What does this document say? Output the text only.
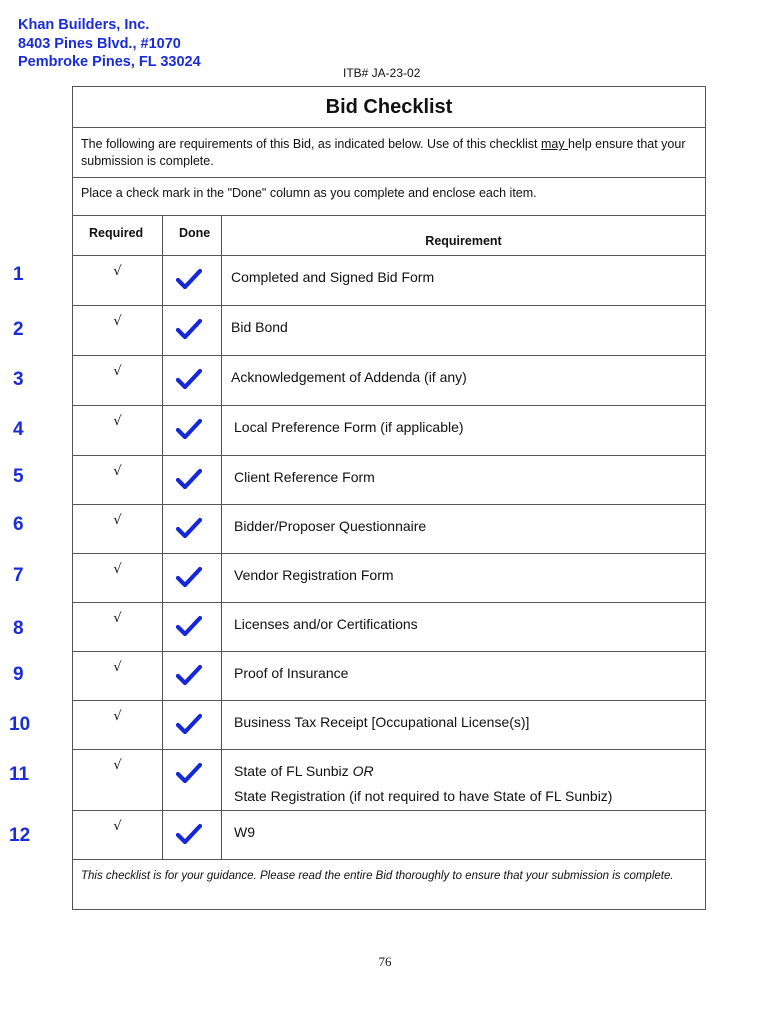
Khan Builders, Inc.
8403 Pines Blvd., #1070
Pembroke Pines, FL 33024
ITB# JA-23-02
Bid Checklist
The following are requirements of this Bid, as indicated below. Use of this checklist may help ensure that your submission is complete.
Place a check mark in the "Done" column as you complete and enclose each item.
Required	Done
Requirement
1	√	Completed and Signed Bid Form
2	√	Bid Bond
3	√	Acknowledgement of Addenda (if any)
4	√	Local Preference Form (if applicable)
5	√	Client Reference Form
6	√	Bidder/Proposer Questionnaire
7	√	Vendor Registration Form
8	√	Licenses and/or Certifications
9	√	Proof of Insurance
10	√	Business Tax Receipt [Occupational License(s)]
11	√	State of FL Sunbiz OR
State Registration (if not required to have State of FL Sunbiz)
12	√	W9
This checklist is for your guidance. Please read the entire Bid thoroughly to ensure that your submission is complete.
76
